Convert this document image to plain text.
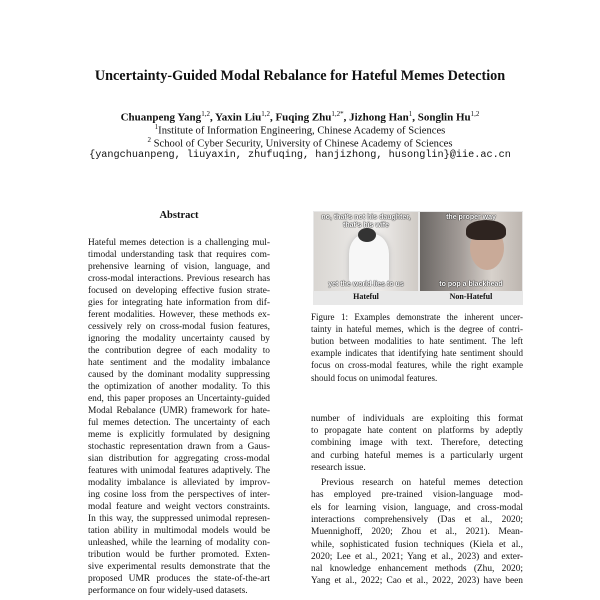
Uncertainty-Guided Modal Rebalance for Hateful Memes Detection
Chuanpeng Yang$^{1,2}$, Yaxin Liu$^{1,2}$, Fuqing Zhu$^{1,2*}$, Jizhong Han$^1$, Songlin Hu$^{1,2}$
$^1$Institute of Information Engineering, Chinese Academy of Sciences
$^2$ School of Cyber Security, University of Chinese Academy of Sciences
{yangchuanpeng, liuyaxin, zhufuqing, hanjizhong, husonglin}@iie.ac.cn
Abstract
Hateful memes detection is a challenging mul-
timodal understanding task that requires com-
prehensive learning of vision, language, and
cross-modal interactions. Previous research has
focused on developing effective fusion strate-
gies for integrating hate information from dif-
ferent modalities. However, these methods ex-
cessively rely on cross-modal fusion features,
ignoring the modality uncertainty caused by
the contribution degree of each modality to
hate sentiment and the modality imbalance
caused by the dominant modality suppressing
the optimization of another modality. To this
end, this paper proposes an Uncertainty-guided
Modal Rebalance (UMR) framework for hate-
ful memes detection. The uncertainty of each
meme is explicitly formulated by designing
stochastic representation drawn from a Gaus-
sian distribution for aggregating cross-modal
features with unimodal features adaptively. The
modality imbalance is alleviated by improv-
ing cosine loss from the perspectives of inter-
modal feature and weight vectors constraints.
In this way, the suppressed unimodal represen-
tation ability in multimodal models would be
unleashed, while the learning of modality con-
tribution would be further promoted. Exten-
sive experimental results demonstrate that the
proposed UMR produces the state-of-the-art
performance on four widely-used datasets.
no, that's not his daughter, that's his wife
yet the world lies to us
the proper way
to pop a blackhead
Hateful	Non-Hateful
Figure 1: Examples demonstrate the inherent uncer-
tainty in hateful memes, which is the degree of contri-
bution between modalities to hate sentiment. The left
example indicates that identifying hate sentiment should
focus on cross-modal features, while the right example
should focus on unimodal features.
number of individuals are exploiting this format
to propagate hate content on platforms by adeptly
combining image with text. Therefore, detecting
and curbing hateful memes is a particularly urgent
research issue.
Previous research on hateful memes detection
has employed pre-trained vision-language mod-
els for learning vision, language, and cross-modal
interactions comprehensively (Das et al., 2020;
Muennighoff, 2020; Zhou et al., 2021). Mean-
while, sophisticated fusion techniques (Kiela et al.,
2020; Lee et al., 2021; Yang et al., 2023) and exter-
nal knowledge enhancement methods (Zhu, 2020;
Yang et al., 2022; Cao et al., 2022, 2023) have been
